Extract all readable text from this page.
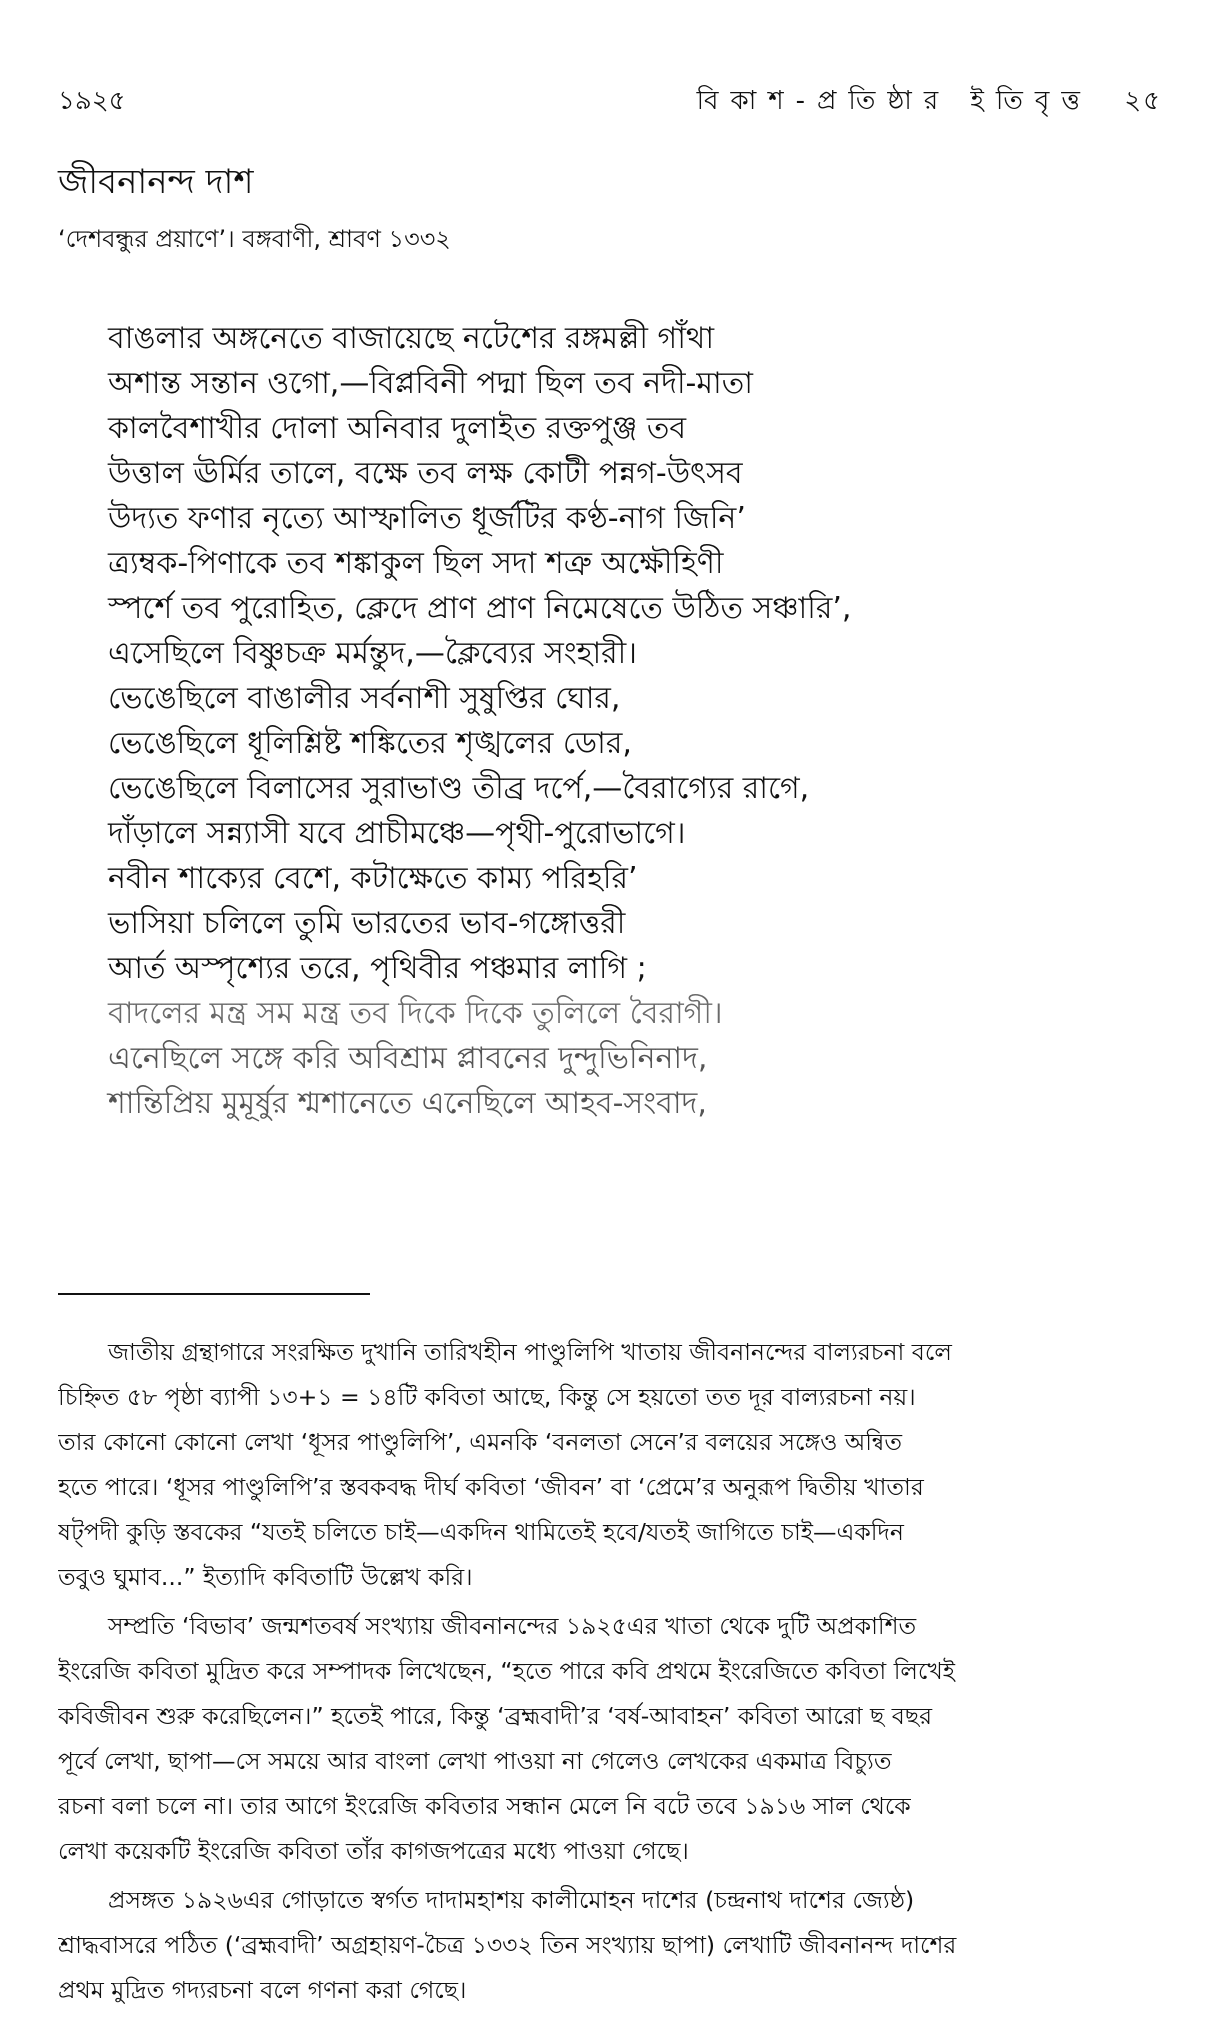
১৯২৫	বিকাশ-প্রতিষ্ঠার ইতিবৃত্ত ২৫
জীবনানন্দ দাশ
‘দেশবন্ধুর প্রয়াণে’। বঙ্গবাণী, শ্রাবণ ১৩৩২
বাঙলার অঙ্গনেতে বাজায়েছে নটেশের রঙ্গমল্লী গাঁথা
অশান্ত সন্তান ওগো,—বিপ্লবিনী পদ্মা ছিল তব নদী-মাতা
কালবৈশাখীর দোলা অনিবার দুলাইত রক্তপুঞ্জ তব
উত্তাল ঊর্মির তালে, বক্ষে তব লক্ষ কোটী পন্নগ-উৎসব
উদ্যত ফণার নৃত্যে আস্ফালিত ধূর্জটির কণ্ঠ-নাগ জিনি’
ত্র্যম্বক-পিণাকে তব শঙ্কাকুল ছিল সদা শত্রু অক্ষৌহিণী
স্পর্শে তব পুরোহিত, ক্লেদে প্রাণ প্রাণ নিমেষেতে উঠিত সঞ্চারি’,
এসেছিলে বিষ্ণুচক্র মর্মন্তুদ,—ক্লৈব্যের সংহারী।
ভেঙেছিলে বাঙালীর সর্বনাশী সুষুপ্তির ঘোর,
ভেঙেছিলে ধূলিশ্লিষ্ট শঙ্কিতের শৃঙ্খলের ডোর,
ভেঙেছিলে বিলাসের সুরাভাণ্ড তীব্র দর্পে,—বৈরাগ্যের রাগে,
দাঁড়ালে সন্ন্যাসী যবে প্রাচীমঞ্চে—পৃথী-পুরোভাগে।
নবীন শাক্যের বেশে, কটাক্ষেতে কাম্য পরিহরি’
ভাসিয়া চলিলে তুমি ভারতের ভাব-গঙ্গোত্তরী
আর্ত অস্পৃশ্যের তরে, পৃথিবীর পঞ্চমার লাগি ;
বাদলের মন্ত্র সম মন্ত্র তব দিকে দিকে তুলিলে বৈরাগী।
এনেছিলে সঙ্গে করি অবিশ্রাম প্লাবনের দুন্দুভিনিনাদ,
শান্তিপ্রিয় মুমূর্ষুর শ্মশানেতে এনেছিলে আহব-সংবাদ,

জাতীয় গ্রন্থাগারে সংরক্ষিত দুখানি তারিখহীন পাণ্ডুলিপি খাতায় জীবনানন্দের বাল্যরচনা বলে
চিহ্নিত ৫৮ পৃষ্ঠা ব্যাপী ১৩+১ = ১৪টি কবিতা আছে, কিন্তু সে হয়তো তত দূর বাল্যরচনা নয়।
তার কোনো কোনো লেখা ‘ধূসর পাণ্ডুলিপি’, এমনকি ‘বনলতা সেনে’র বলয়ের সঙ্গেও অন্বিত
হতে পারে। ‘ধূসর পাণ্ডুলিপি’র স্তবকবদ্ধ দীর্ঘ কবিতা ‘জীবন’ বা ‘প্রেমে’র অনুরূপ দ্বিতীয় খাতার
ষট্‌পদী কুড়ি স্তবকের “যতই চলিতে চাই—একদিন থামিতেই হবে/যতই জাগিতে চাই—একদিন
তবুও ঘুমাব...” ইত্যাদি কবিতাটি উল্লেখ করি।

সম্প্রতি ‘বিভাব’ জন্মশতবর্ষ সংখ্যায় জীবনানন্দের ১৯২৫এর খাতা থেকে দুটি অপ্রকাশিত
ইংরেজি কবিতা মুদ্রিত করে সম্পাদক লিখেছেন, “হতে পারে কবি প্রথমে ইংরেজিতে কবিতা লিখেই
কবিজীবন শুরু করেছিলেন।” হতেই পারে, কিন্তু ‘ব্রহ্মবাদী’র ‘বর্ষ-আবাহন’ কবিতা আরো ছ বছর
পূর্বে লেখা, ছাপা—সে সময়ে আর বাংলা লেখা পাওয়া না গেলেও লেখকের একমাত্র বিচ্যুত
রচনা বলা চলে না। তার আগে ইংরেজি কবিতার সন্ধান মেলে নি বটে তবে ১৯১৬ সাল থেকে
লেখা কয়েকটি ইংরেজি কবিতা তাঁর কাগজপত্রের মধ্যে পাওয়া গেছে।

প্রসঙ্গত ১৯২৬এর গোড়াতে স্বর্গত দাদামহাশয় কালীমোহন দাশের (চন্দ্রনাথ দাশের জ্যেষ্ঠ)
শ্রাদ্ধবাসরে পঠিত (‘ব্রহ্মবাদী’ অগ্রহায়ণ-চৈত্র ১৩৩২ তিন সংখ্যায় ছাপা) লেখাটি জীবনানন্দ দাশের
প্রথম মুদ্রিত গদ্যরচনা বলে গণনা করা গেছে।
